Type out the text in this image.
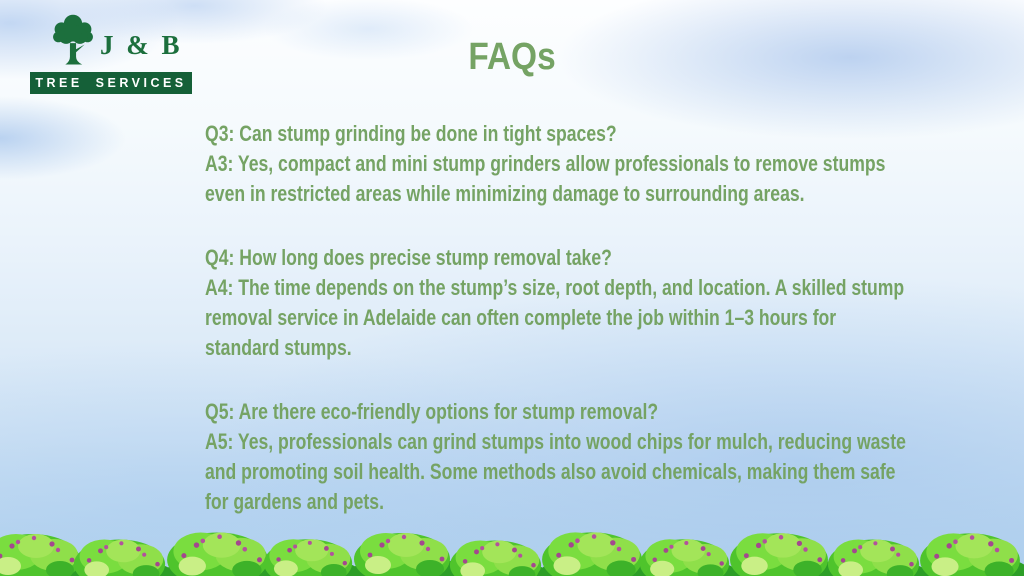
J & B
TREE SERVICES
FAQs
Q3: Can stump grinding be done in tight spaces?
A3: Yes, compact and mini stump grinders allow professionals to remove stumps
even in restricted areas while minimizing damage to surrounding areas.
Q4: How long does precise stump removal take?
A4: The time depends on the stump’s size, root depth, and location. A skilled stump
removal service in Adelaide can often complete the job within 1–3 hours for
standard stumps.
Q5: Are there eco-friendly options for stump removal?
A5: Yes, professionals can grind stumps into wood chips for mulch, reducing waste
and promoting soil health. Some methods also avoid chemicals, making them safe
for gardens and pets.
